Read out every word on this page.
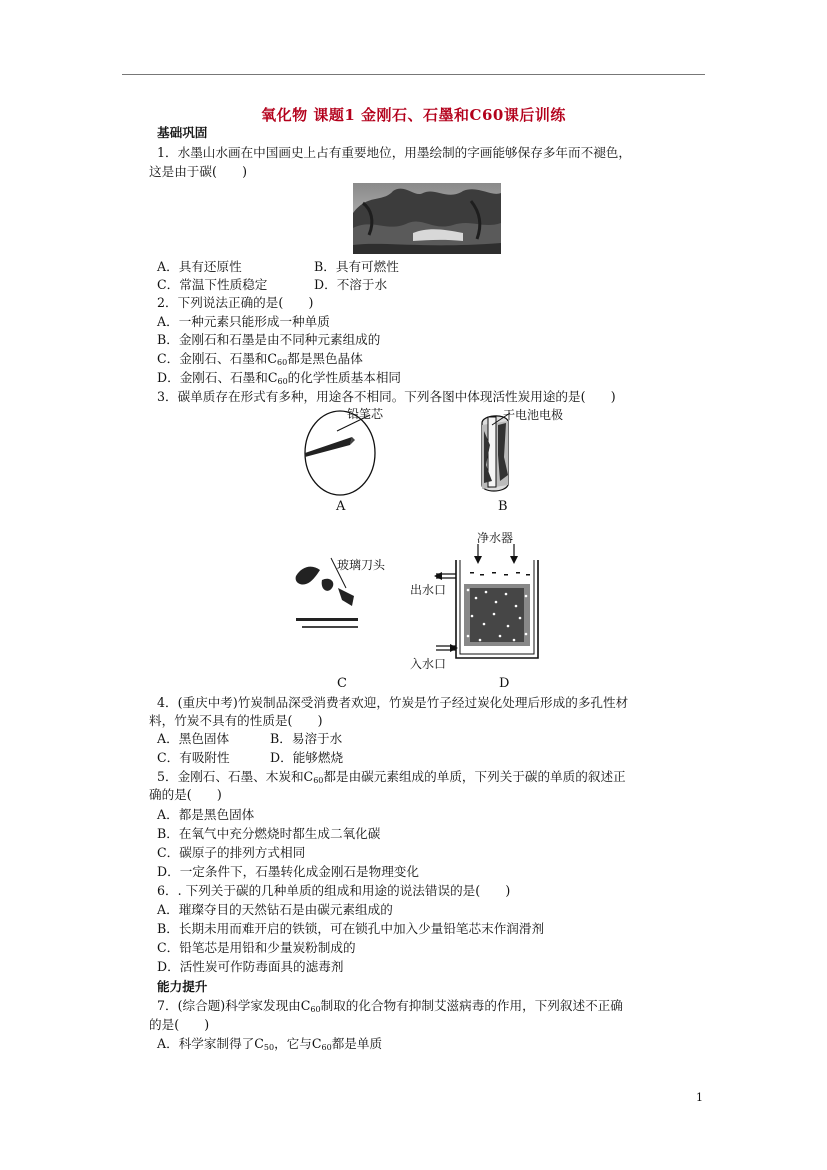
氧化物 课题1 金刚石、石墨和C60课后训练
基础巩固
1．水墨山水画在中国画史上占有重要地位，用墨绘制的字画能够保存多年而不褪色，
这是由于碳(　　)
A．具有还原性	B．具有可燃性
C．常温下性质稳定	D．不溶于水
2．下列说法正确的是(　　)
A．一种元素只能形成一种单质
B．金刚石和石墨是由不同种元素组成的
C．金刚石、石墨和$C_{60}$都是黑色晶体
D．金刚石、石墨和$C_{60}$的化学性质基本相同
3．碳单质存在形式有多种，用途各不相同。下列各图中体现活性炭用途的是(　　)
铅笔芯	干电池电极
A	B
净水器
玻璃刀头
出水口
入水口
C	D
4．(重庆中考)竹炭制品深受消费者欢迎，竹炭是竹子经过炭化处理后形成的多孔性材
料，竹炭不具有的性质是(　　)
A．黑色固体	B．易溶于水
C．有吸附性	D．能够燃烧
5．金刚石、石墨、木炭和$C_{60}$都是由碳元素组成的单质，下列关于碳的单质的叙述正
确的是(　　)
A．都是黑色固体
B．在氧气中充分燃烧时都生成二氧化碳
C．碳原子的排列方式相同
D．一定条件下，石墨转化成金刚石是物理变化
6．. 下列关于碳的几种单质的组成和用途的说法错误的是(　　)
A．璀璨夺目的天然钻石是由碳元素组成的
B．长期未用而难开启的铁锁，可在锁孔中加入少量铅笔芯末作润滑剂
C．铅笔芯是用铅和少量炭粉制成的
D．活性炭可作防毒面具的滤毒剂
能力提升
7．(综合题)科学家发现由$C_{60}$制取的化合物有抑制艾滋病毒的作用，下列叙述不正确
的是(　　)
A．科学家制得了$C_{50}$，它与$C_{60}$都是单质
1
